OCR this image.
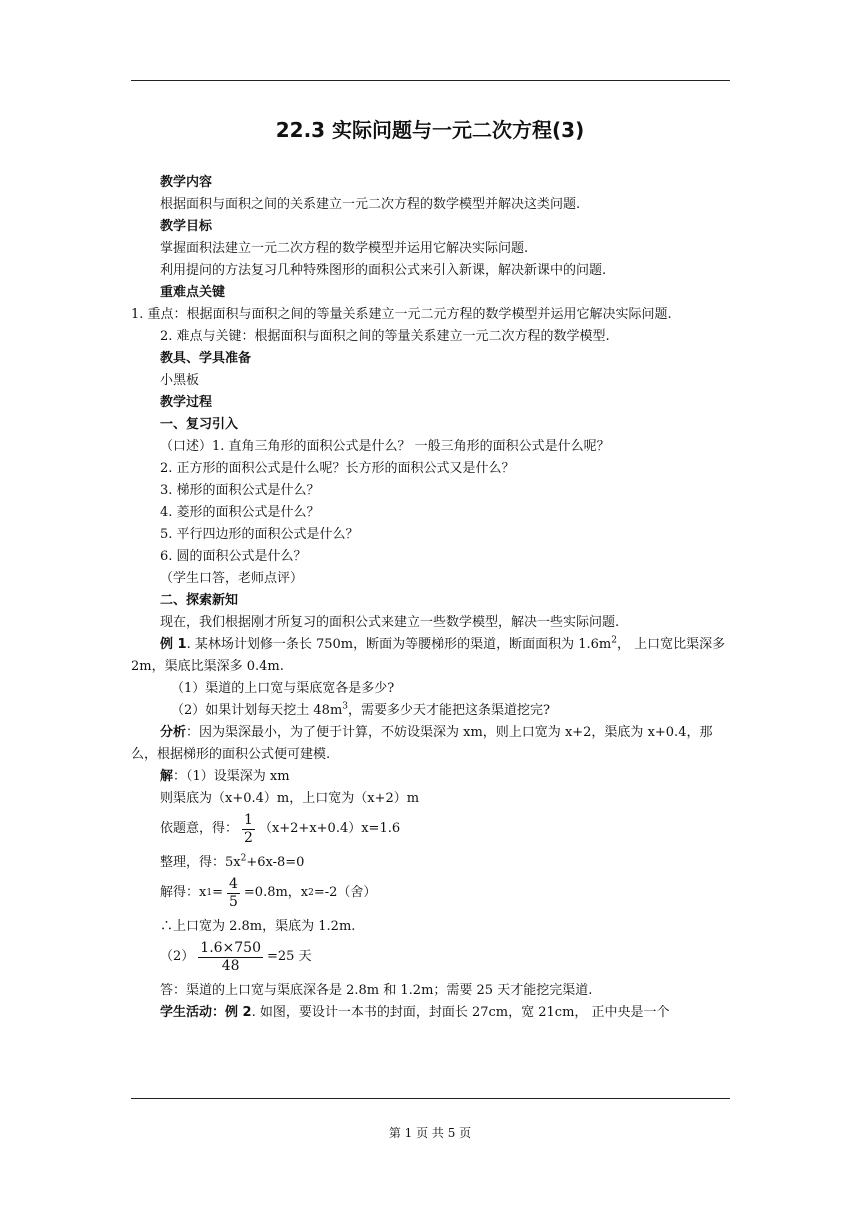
22.3 实际问题与一元二次方程(3)
教学内容
根据面积与面积之间的关系建立一元二次方程的数学模型并解决这类问题.
教学目标
掌握面积法建立一元二次方程的数学模型并运用它解决实际问题.
利用提问的方法复习几种特殊图形的面积公式来引入新课，解决新课中的问题.
重难点关键
1. 重点：根据面积与面积之间的等量关系建立一元二元方程的数学模型并运用它解决实际问题.
2. 难点与关键：根据面积与面积之间的等量关系建立一元二次方程的数学模型.
教具、学具准备
小黑板
教学过程
一、复习引入
（口述）1. 直角三角形的面积公式是什么？ 一般三角形的面积公式是什么呢？
2. 正方形的面积公式是什么呢？长方形的面积公式又是什么？
3. 梯形的面积公式是什么？
4. 菱形的面积公式是什么？
5. 平行四边形的面积公式是什么？
6. 圆的面积公式是什么？
（学生口答，老师点评）
二、探索新知
现在，我们根据刚才所复习的面积公式来建立一些数学模型，解决一些实际问题.
例 1. 某林场计划修一条长 750m，断面为等腰梯形的渠道，断面面积为 $1.6m^2$， 上口宽比渠深多 2m，渠底比渠深多 0.4m.
（1）渠道的上口宽与渠底宽各是多少?
（2）如果计划每天挖土 $48m^3$，需要多少天才能把这条渠道挖完?
分析：因为渠深最小，为了便于计算，不妨设渠深为 xm，则上口宽为 x+2，渠底为 x+0.4，那么，根据梯形的面积公式便可建模.
解：（1）设渠深为 xm
则渠底为（x+0.4）m，上口宽为（x+2）m
依题意，得： $\frac{1}{2} (x+2+x+0.4)x=1.6$
整理，得：$5x^2+6x-8=0$
解得：x $1 = \frac{4}{5} =0.8m$，x 2 =-2（舍）
∴上口宽为 2.8m，渠底为 1.2m.
$(2) \frac{1.6\times 750}{48} =25$ 天
答：渠道的上口宽与渠底深各是 2.8m 和 1.2m；需要 25 天才能挖完渠道.
学生活动：例 2. 如图，要设计一本书的封面，封面长 27cm，宽 21cm， 正中央是一个
第 1 页 共 5 页
